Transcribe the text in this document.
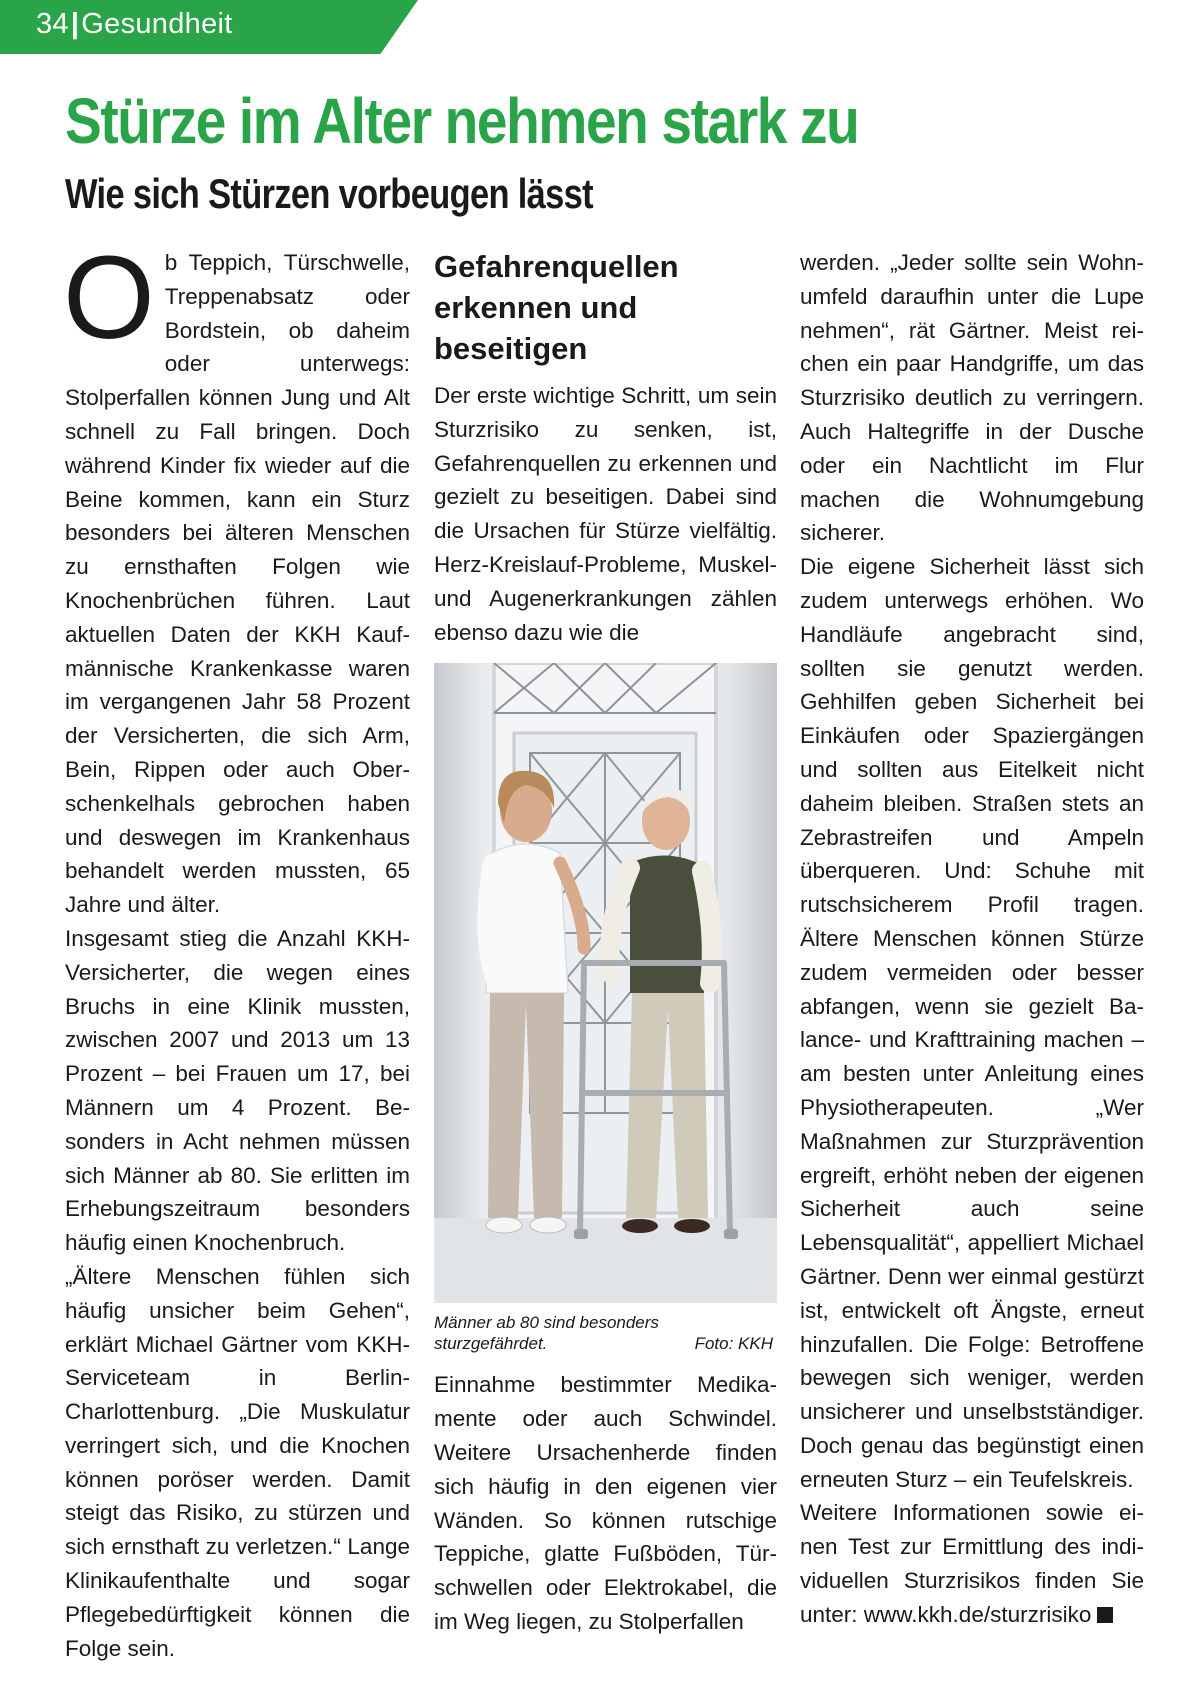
34|Gesundheit
Stürze im Alter nehmen stark zu
Wie sich Stürzen vorbeugen lässt

Ob Teppich, Türschwelle, Treppenabsatz oder Bordstein, ob daheim oder unterwegs: Stolperfallen können Jung und Alt schnell zu Fall bringen. Doch während Kinder fix wieder auf die Beine kommen, kann ein Sturz besonders bei älteren Menschen zu ernsthaften Folgen wie Knochenbrüchen führen. Laut aktuellen Daten der KKH Kaufmännische Krankenkasse waren im vergangenen Jahr 58 Prozent der Versicherten, die sich Arm, Bein, Rippen oder auch Oberschenkelhals gebrochen haben und deswegen im Krankenhaus behandelt werden mussten, 65 Jahre und älter.

Insgesamt stieg die Anzahl KKH-Versicherter, die wegen eines Bruchs in eine Klinik mussten, zwischen 2007 und 2013 um 13 Prozent – bei Frauen um 17, bei Männern um 4 Prozent. Besonders in Acht nehmen müssen sich Männer ab 80. Sie erlitten im Erhebungszeitraum besonders häufig einen Knochenbruch.

„Ältere Menschen fühlen sich häufig unsicher beim Gehen“, erklärt Michael Gärtner vom KKH-Serviceteam in Berlin-Charlottenburg. „Die Muskulatur verringert sich, und die Knochen können poröser werden. Damit steigt das Risiko, zu stürzen und sich ernsthaft zu verletzen.“ Lange Klinikaufenthalte und sogar Pflegebedürftigkeit können die Folge sein.

Gefahrenquellen erkennen und beseitigen

Der erste wichtige Schritt, um sein Sturzrisiko zu senken, ist, Gefahrenquellen zu erkennen und gezielt zu beseitigen. Dabei sind die Ursachen für Stürze vielfältig. Herz-Kreislauf-Probleme, Muskel- und Augenerkrankungen zählen ebenso dazu wie die

Männer ab 80 sind besonders sturzgefährdet.	Foto: KKH

Einnahme bestimmter Medikamente oder auch Schwindel. Weitere Ursachenherde finden sich häufig in den eigenen vier Wänden. So können rutschige Teppiche, glatte Fußböden, Türschwellen oder Elektrokabel, die im Weg liegen, zu Stolperfallen

werden. „Jeder sollte sein Wohnumfeld daraufhin unter die Lupe nehmen“, rät Gärtner. Meist reichen ein paar Handgriffe, um das Sturzrisiko deutlich zu verringern. Auch Haltegriffe in der Dusche oder ein Nachtlicht im Flur machen die Wohnumgebung sicherer.

Die eigene Sicherheit lässt sich zudem unterwegs erhöhen. Wo Handläufe angebracht sind, sollten sie genutzt werden. Gehhilfen geben Sicherheit bei Einkäufen oder Spaziergängen und sollten aus Eitelkeit nicht daheim bleiben. Straßen stets an Zebrastreifen und Ampeln überqueren. Und: Schuhe mit rutschsicherem Profil tragen. Ältere Menschen können Stürze zudem vermeiden oder besser abfangen, wenn sie gezielt Balance- und Krafttraining machen – am besten unter Anleitung eines Physiotherapeuten. „Wer Maßnahmen zur Sturzprävention ergreift, erhöht neben der eigenen Sicherheit auch seine Lebensqualität“, appelliert Michael Gärtner. Denn wer einmal gestürzt ist, entwickelt oft Ängste, erneut hinzufallen. Die Folge: Betroffene bewegen sich weniger, werden unsicherer und unselbstständiger. Doch genau das begünstigt einen erneuten Sturz – ein Teufelskreis.

Weitere Informationen sowie einen Test zur Ermittlung des individuellen Sturzrisikos finden Sie unter: www.kkh.de/sturzrisiko
